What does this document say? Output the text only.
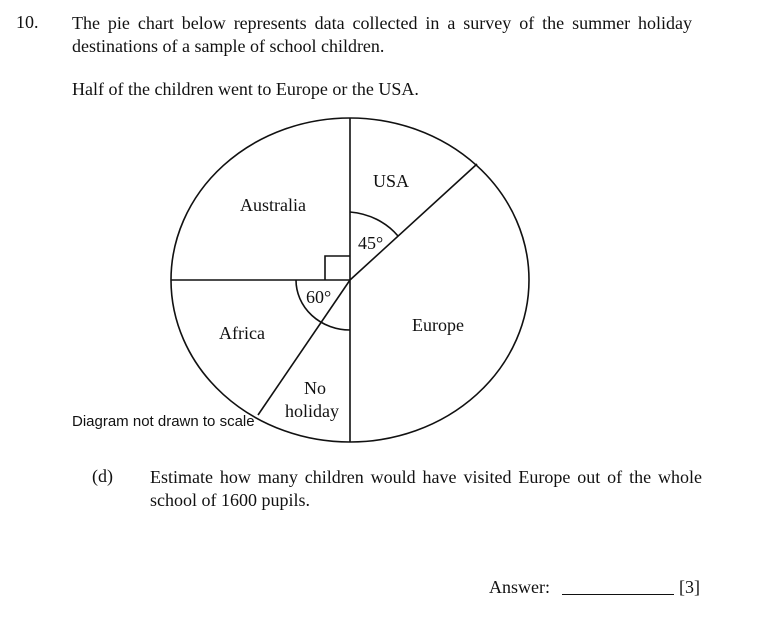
10. The pie chart below represents data collected in a survey of the summer holiday destinations of a sample of school children.
Half of the children went to Europe or the USA.
USA
Australia
Europe
Africa
No
holiday
45°
60°
Diagram not drawn to scale
(d) Estimate how many children would have visited Europe out of the whole school of 1600 pupils.
Answer:	[3]
